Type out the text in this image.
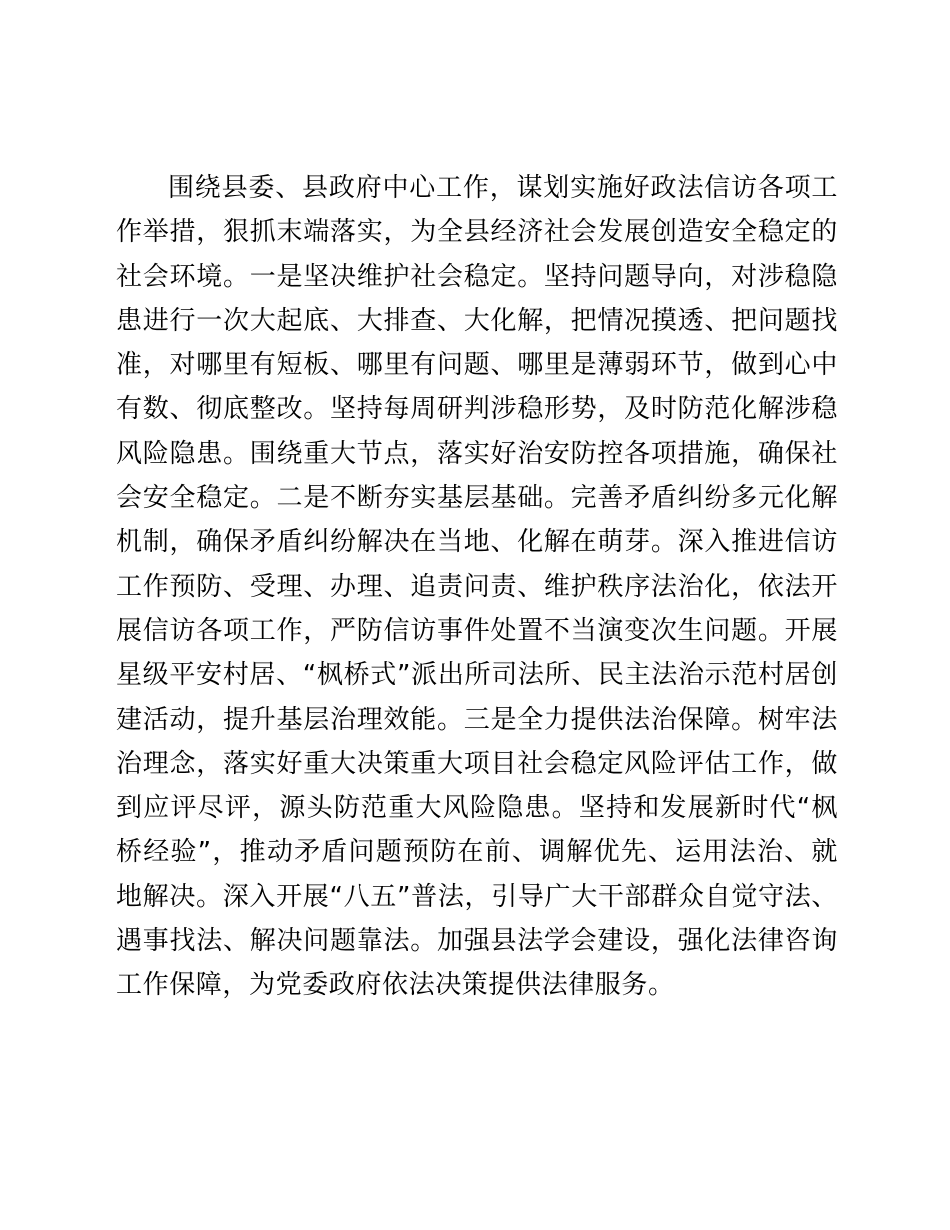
围绕县委、县政府中心工作，谋划实施好政法信访各项工作举措，狠抓末端落实，为全县经济社会发展创造安全稳定的社会环境。一是坚决维护社会稳定。坚持问题导向，对涉稳隐患进行一次大起底、大排查、大化解，把情况摸透、把问题找准，对哪里有短板、哪里有问题、哪里是薄弱环节，做到心中有数、彻底整改。坚持每周研判涉稳形势，及时防范化解涉稳风险隐患。围绕重大节点，落实好治安防控各项措施，确保社会安全稳定。二是不断夯实基层基础。完善矛盾纠纷多元化解机制，确保矛盾纠纷解决在当地、化解在萌芽。深入推进信访工作预防、受理、办理、追责问责、维护秩序法治化，依法开展信访各项工作，严防信访事件处置不当演变次生问题。开展星级平安村居、“枫桥式”派出所司法所、民主法治示范村居创建活动，提升基层治理效能。三是全力提供法治保障。树牢法治理念，落实好重大决策重大项目社会稳定风险评估工作，做到应评尽评，源头防范重大风险隐患。坚持和发展新时代“枫桥经验”，推动矛盾问题预防在前、调解优先、运用法治、就地解决。深入开展“八五”普法，引导广大干部群众自觉守法、遇事找法、解决问题靠法。加强县法学会建设，强化法律咨询工作保障，为党委政府依法决策提供法律服务。
